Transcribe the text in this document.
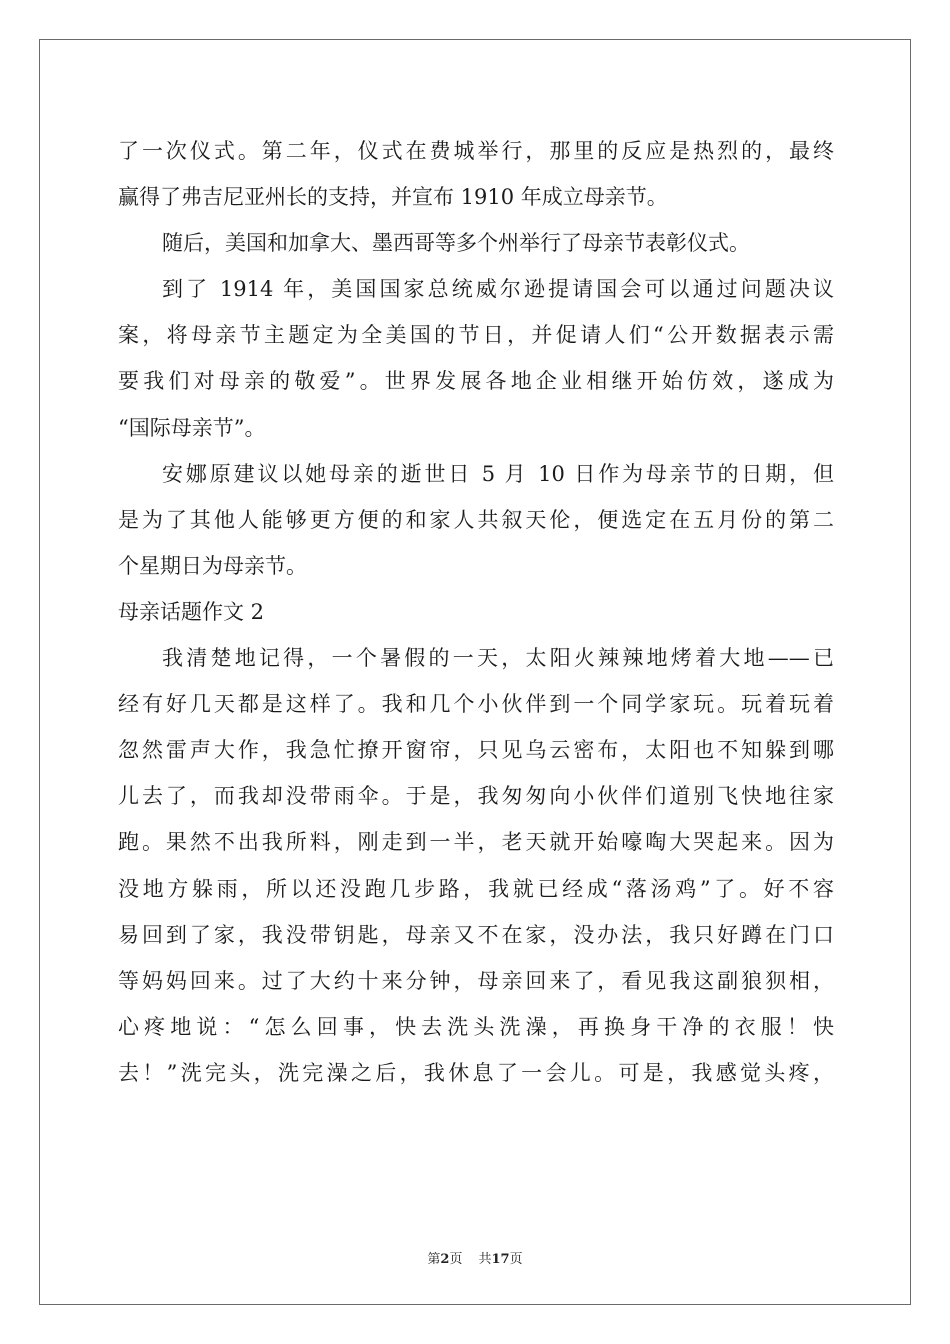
了一次仪式。第二年，仪式在费城举行，那里的反应是热烈的，最终
赢得了弗吉尼亚州长的支持，并宣布 1910 年成立母亲节。
随后，美国和加拿大、墨西哥等多个州举行了母亲节表彰仪式。
到了 1914 年，美国国家总统威尔逊提请国会可以通过问题决议
案，将母亲节主题定为全美国的节日，并促请人们“公开数据表示需
要我们对母亲的敬爱”。世界发展各地企业相继开始仿效，遂成为
“国际母亲节”。
安娜原建议以她母亲的逝世日 5 月 10 日作为母亲节的日期，但
是为了其他人能够更方便的和家人共叙天伦，便选定在五月份的第二
个星期日为母亲节。
母亲话题作文 2
我清楚地记得，一个暑假的一天，太阳火辣辣地烤着大地——已
经有好几天都是这样了。我和几个小伙伴到一个同学家玩。玩着玩着
忽然雷声大作，我急忙撩开窗帘，只见乌云密布，太阳也不知躲到哪
儿去了，而我却没带雨伞。于是，我匆匆向小伙伴们道别飞快地往家
跑。果然不出我所料，刚走到一半，老天就开始嚎啕大哭起来。因为
没地方躲雨，所以还没跑几步路，我就已经成“落汤鸡”了。好不容
易回到了家，我没带钥匙，母亲又不在家，没办法，我只好蹲在门口
等妈妈回来。过了大约十来分钟，母亲回来了，看见我这副狼狈相，
心疼地说：“怎么回事，快去洗头洗澡，再换身干净的衣服！快
去！”洗完头，洗完澡之后，我休息了一会儿。可是，我感觉头疼，
第2页 共17页
